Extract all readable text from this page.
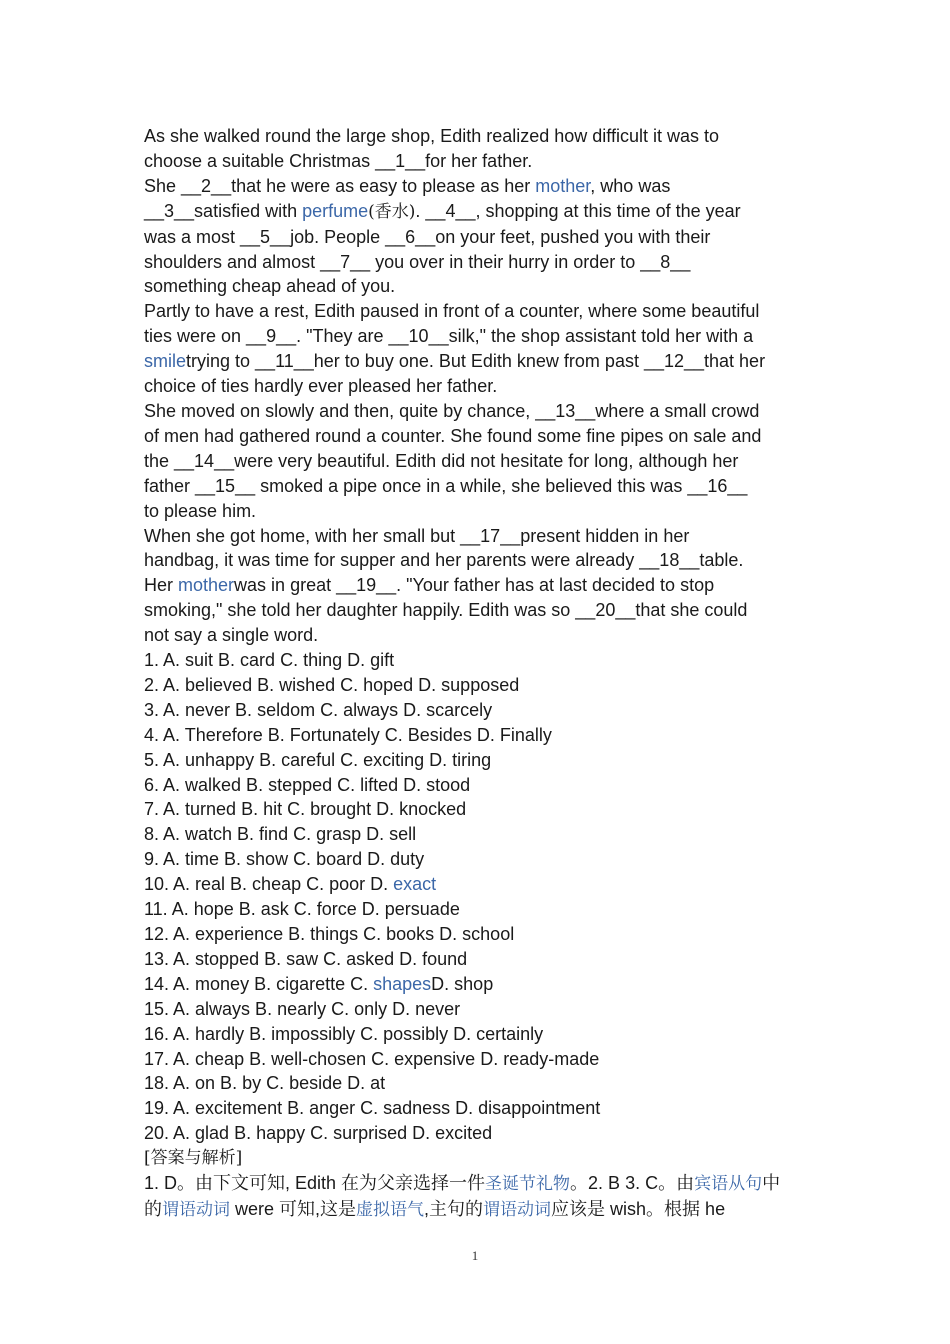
As she walked round the large shop, Edith realized how difficult it was to
choose a suitable Christmas __1__for her father.
She __2__that he were as easy to please as her mother, who was
__3__satisfied with perfume(香水). __4__, shopping at this time of the year
was a most __5__job. People __6__on your feet, pushed you with their
shoulders and almost __7__ you over in their hurry in order to __8__
something cheap ahead of you.
Partly to have a rest, Edith paused in front of a counter, where some beautiful
ties were on __9__. "They are __10__silk," the shop assistant told her with a
smiletrying to __11__her to buy one. But Edith knew from past __12__that her
choice of ties hardly ever pleased her father.
She moved on slowly and then, quite by chance, __13__where a small crowd
of men had gathered round a counter. She found some fine pipes on sale and
the __14__were very beautiful. Edith did not hesitate for long, although her
father __15__ smoked a pipe once in a while, she believed this was __16__
to please him.
When she got home, with her small but __17__present hidden in her
handbag, it was time for supper and her parents were already __18__table.
Her motherwas in great __19__. "Your father has at last decided to stop
smoking," she told her daughter happily. Edith was so __20__that she could
not say a single word.
1. A. suit B. card C. thing D. gift
2. A. believed B. wished C. hoped D. supposed
3. A. never B. seldom C. always D. scarcely
4. A. Therefore B. Fortunately C. Besides D. Finally
5. A. unhappy B. careful C. exciting D. tiring
6. A. walked B. stepped C. lifted D. stood
7. A. turned B. hit C. brought D. knocked
8. A. watch B. find C. grasp D. sell
9. A. time B. show C. board D. duty
10. A. real B. cheap C. poor D. exact
11. A. hope B. ask C. force D. persuade
12. A. experience B. things C. books D. school
13. A. stopped B. saw C. asked D. found
14. A. money B. cigarette C. shapesD. shop
15. A. always B. nearly C. only D. never
16. A. hardly B. impossibly C. possibly D. certainly
17. A. cheap B. well-chosen C. expensive D. ready-made
18. A. on B. by C. beside D. at
19. A. excitement B. anger C. sadness D. disappointment
20. A. glad B. happy C. surprised D. excited
[答案与解析]
1. D。由下文可知, Edith 在为父亲选择一件圣诞节礼物。2. B 3. C。由宾语从句中
的谓语动词 were 可知,这是虚拟语气,主句的谓语动词应该是 wish。根据 he
1
